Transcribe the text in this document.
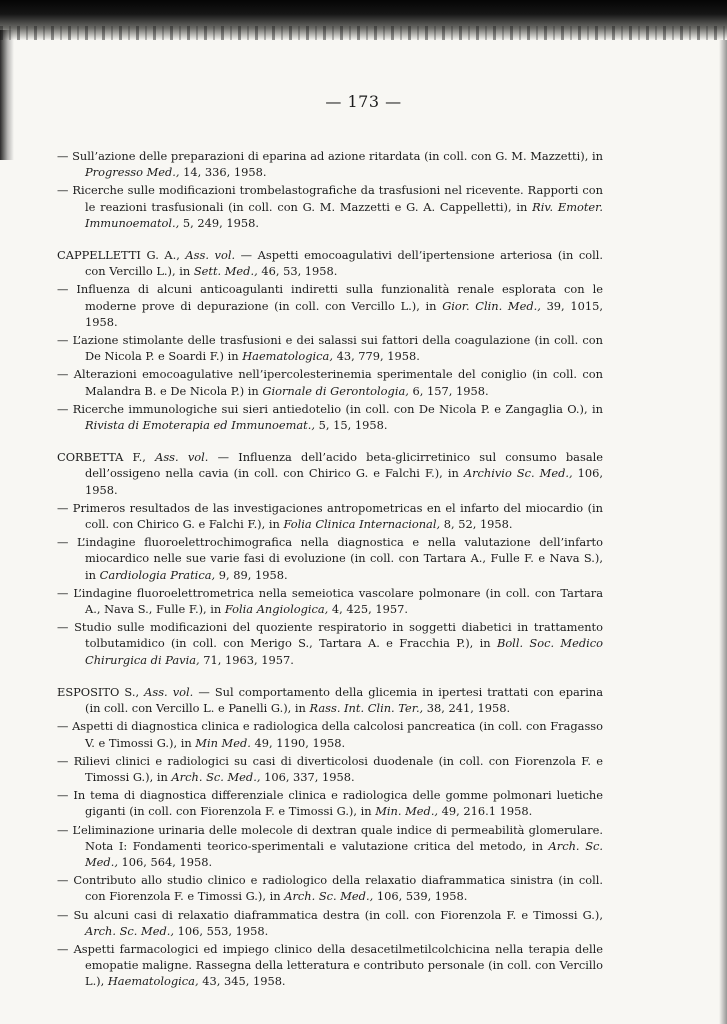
— 173 —

— Sull’azione delle preparazioni di eparina ad azione ritardata (in coll. con G. M. Mazzetti), in Progresso Med., 14, 336, 1958.

— Ricerche sulle modificazioni trombelastografiche da trasfusioni nel ricevente. Rapporti con le reazioni trasfusionali (in coll. con G. M. Mazzetti e G. A. Cappelletti), in Riv. Emoter. Immunoematol., 5, 249, 1958.

CAPPELLETTI G. A., Ass. vol. — Aspetti emocoagulativi dell’ipertensione arteriosa (in coll. con Vercillo L.), in Sett. Med., 46, 53, 1958.

— Influenza di alcuni anticoagulanti indiretti sulla funzionalità renale esplorata con le moderne prove di depurazione (in coll. con Vercillo L.), in Gior. Clin. Med., 39, 1015, 1958.

— L’azione stimolante delle trasfusioni e dei salassi sui fattori della coagulazione (in coll. con De Nicola P. e Soardi F.) in Haematologica, 43, 779, 1958.

— Alterazioni emocoagulative nell’ipercolesterinemia sperimentale del coniglio (in coll. con Malandra B. e De Nicola P.) in Giornale di Gerontologia, 6, 157, 1958.

— Ricerche immunologiche sui sieri antiedotelio (in coll. con De Nicola P. e Zangaglia O.), in Rivista di Emoterapia ed Immunoemat., 5, 15, 1958.

CORBETTA F., Ass. vol. — Influenza dell’acido beta-glicirretinico sul consumo basale dell’ossigeno nella cavia (in coll. con Chirico G. e Falchi F.), in Archivio Sc. Med., 106, 1958.

— Primeros resultados de las investigaciones antropometricas en el infarto del miocardio (in coll. con Chirico G. e Falchi F.), in Folia Clinica Internacional, 8, 52, 1958.

— L’indagine fluoroelettrochimografica nella diagnostica e nella valutazione dell’infarto miocardico nelle sue varie fasi di evoluzione (in coll. con Tartara A., Fulle F. e Nava S.), in Cardiologia Pratica, 9, 89, 1958.

— L’indagine fluoroelettrometrica nella semeiotica vascolare polmonare (in coll. con Tartara A., Nava S., Fulle F.), in Folia Angiologica, 4, 425, 1957.

— Studio sulle modificazioni del quoziente respiratorio in soggetti diabetici in trattamento tolbutamidico (in coll. con Merigo S., Tartara A. e Fracchia P.), in Boll. Soc. Medico Chirurgica di Pavia, 71, 1963, 1957.

ESPOSITO S., Ass. vol. — Sul comportamento della glicemia in ipertesi trattati con eparina (in coll. con Vercillo L. e Panelli G.), in Rass. Int. Clin. Ter., 38, 241, 1958.

— Aspetti di diagnostica clinica e radiologica della calcolosi pancreatica (in coll. con Fragasso V. e Timossi G.), in Min Med. 49, 1190, 1958.

— Rilievi clinici e radiologici su casi di diverticolosi duodenale (in coll. con Fiorenzola F. e Timossi G.), in Arch. Sc. Med., 106, 337, 1958.

— In tema di diagnostica differenziale clinica e radiologica delle gomme polmonari luetiche giganti (in coll. con Fiorenzola F. e Timossi G.), in Min. Med., 49, 216.1 1958.

— L’eliminazione urinaria delle molecole di dextran quale indice di permeabilità glomerulare. Nota I: Fondamenti teorico-sperimentali e valutazione critica del metodo, in Arch. Sc. Med., 106, 564, 1958.

— Contributo allo studio clinico e radiologico della relaxatio diaframmatica sinistra (in coll. con Fiorenzola F. e Timossi G.), in Arch. Sc. Med., 106, 539, 1958.

— Su alcuni casi di relaxatio diaframmatica destra (in coll. con Fiorenzola F. e Timossi G.), Arch. Sc. Med., 106, 553, 1958.

— Aspetti farmacologici ed impiego clinico della desacetilmetilcolchicina nella terapia delle emopatie maligne. Rassegna della letteratura e contributo personale (in coll. con Vercillo L.), Haematologica, 43, 345, 1958.
